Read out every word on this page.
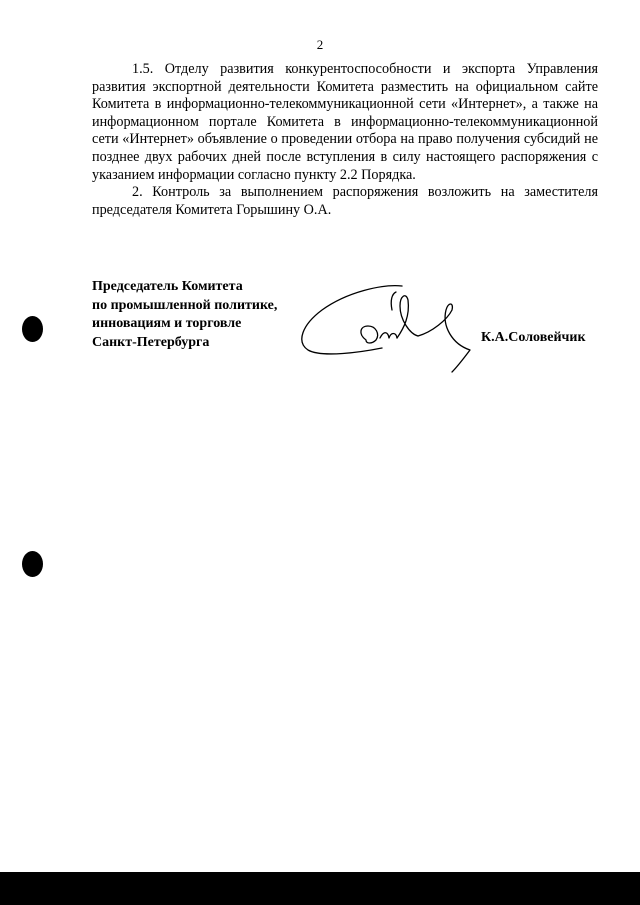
2

1.5. Отделу развития конкурентоспособности и экспорта Управления развития экспортной деятельности Комитета разместить на официальном сайте Комитета в информационно-телекоммуникационной сети «Интернет», а также на информационном портале Комитета в информационно-телекоммуникационной сети «Интернет» объявление о проведении отбора на право получения субсидий не позднее двух рабочих дней после вступления в силу настоящего распоряжения с указанием информации согласно пункту 2.2 Порядка.

2. Контроль за выполнением распоряжения возложить на заместителя председателя Комитета Горышину О.А.

Председатель Комитета
по промышленной политике,
инновациям и торговле
Санкт-Петербурга	К.А.Соловейчик
